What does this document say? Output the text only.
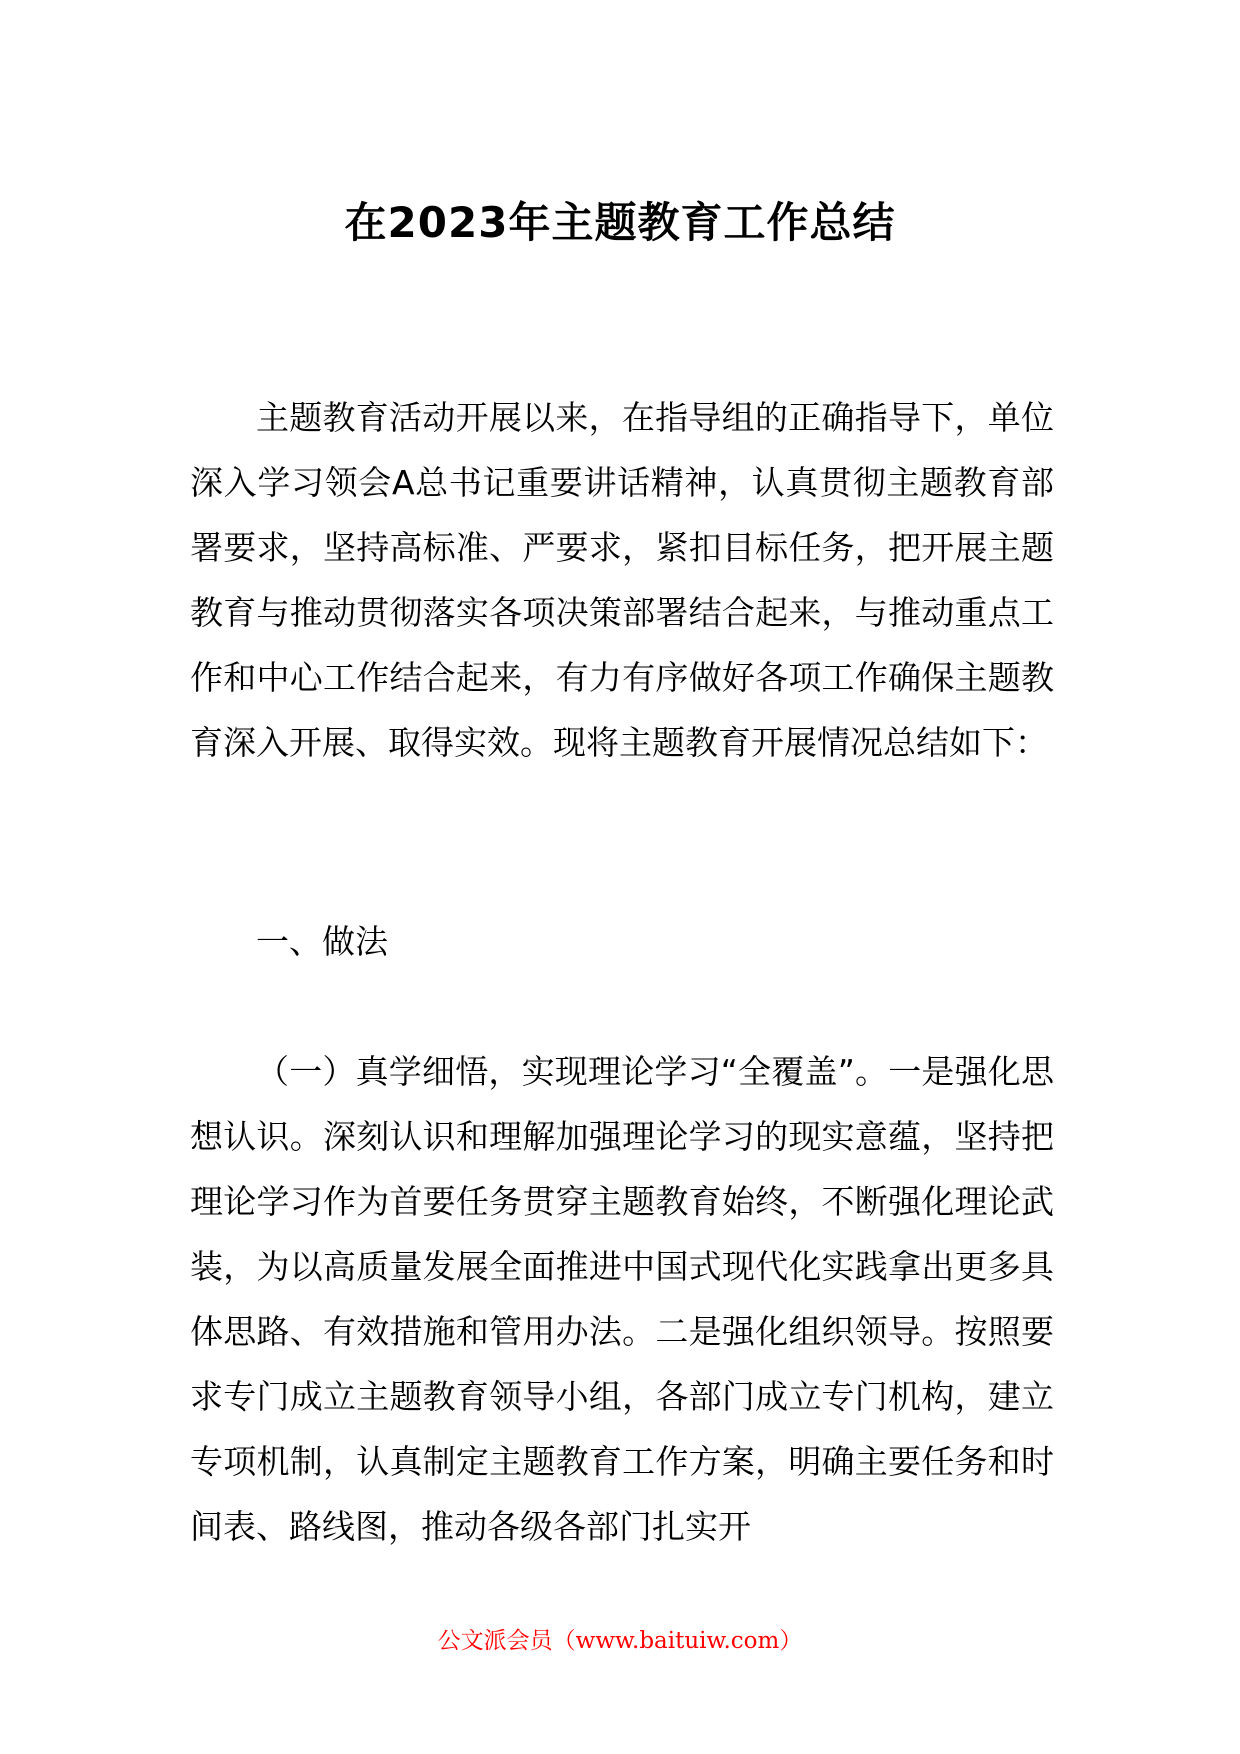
在2023年主题教育工作总结

主题教育活动开展以来，在指导组的正确指导下，单位深入学习领会A总书记重要讲话精神，认真贯彻主题教育部署要求，坚持高标准、严要求，紧扣目标任务，把开展主题教育与推动贯彻落实各项决策部署结合起来，与推动重点工作和中心工作结合起来，有力有序做好各项工作确保主题教育深入开展、取得实效。现将主题教育开展情况总结如下：

一、做法

（一）真学细悟，实现理论学习“全覆盖”。一是强化思想认识。深刻认识和理解加强理论学习的现实意蕴，坚持把理论学习作为首要任务贯穿主题教育始终，不断强化理论武装，为以高质量发展全面推进中国式现代化实践拿出更多具体思路、有效措施和管用办法。二是强化组织领导。按照要求专门成立主题教育领导小组，各部门成立专门机构，建立专项机制，认真制定主题教育工作方案，明确主要任务和时间表、路线图，推动各级各部门扎实开

公文派会员（www.baituiw.com）
